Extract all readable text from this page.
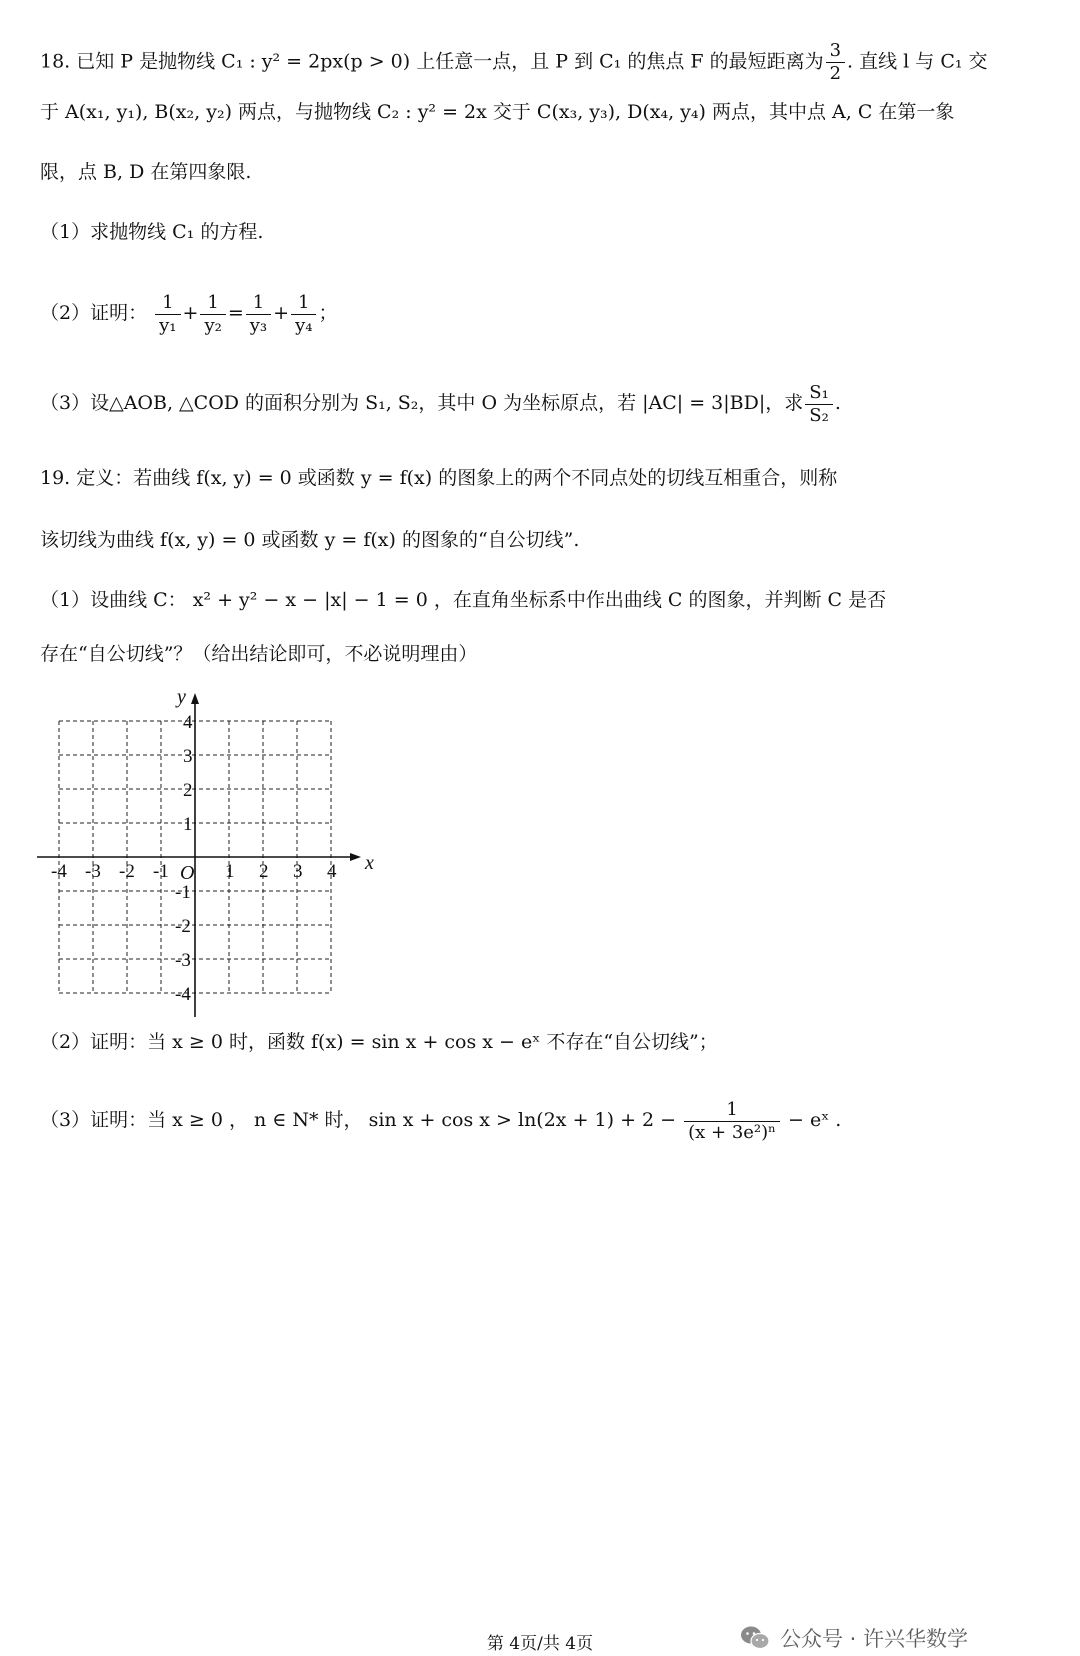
18. 已知 P 是抛物线 C₁ : y² = 2px(p > 0) 上任意一点，且 P 到 C₁ 的焦点 F 的最短距离为 $\frac{3}{2}$ . 直线 l 与 C₁ 交
于 A(x₁, y₁), B(x₂, y₂) 两点，与抛物线 C₂ : y² = 2x 交于 C(x₃, y₃), D(x₄, y₄) 两点，其中点 A, C 在第一象
限，点 B, D 在第四象限.
（1）求抛物线 C₁ 的方程.
（2）证明： $\frac{1}{\text{y₁}} + \frac{1}{\text{y₂}} = \frac{1}{\text{y₃}} + \frac{1}{\text{y₄}}$ ；
（3）设△AOB, △COD 的面积分别为 S₁, S₂，其中 O 为坐标原点，若 |AC| = 3|BD|，求 $\frac{\text{S₁}}{\text{S₂}}$ .
19. 定义：若曲线 f(x, y) = 0 或函数 y = f(x) 的图象上的两个不同点处的切线互相重合，则称
该切线为曲线 f(x, y) = 0 或函数 y = f(x) 的图象的“自公切线”.
（1）设曲线 C： x² + y² − x − |x| − 1 = 0 ，在直角坐标系中作出曲线 C 的图象，并判断 C 是否
存在“自公切线”？（给出结论即可，不必说明理由）
x
y
O
-4 -3 -2 -1	1 2 3 4
4
3
2
1
-1
-2
-3
-4
（2）证明：当 x ≥ 0 时，函数 f(x) = sin x + cos x − eˣ 不存在“自公切线”；
（3）证明：当 x ≥ 0 ， n ∈ N* 时， $\sin x + \cos x > \ln(2x + 1) + 2 - \frac{1}{\text{(x + 3e²)ⁿ}}$ − eˣ .
第 4页/共 4页	公众号 · 许兴华数学
